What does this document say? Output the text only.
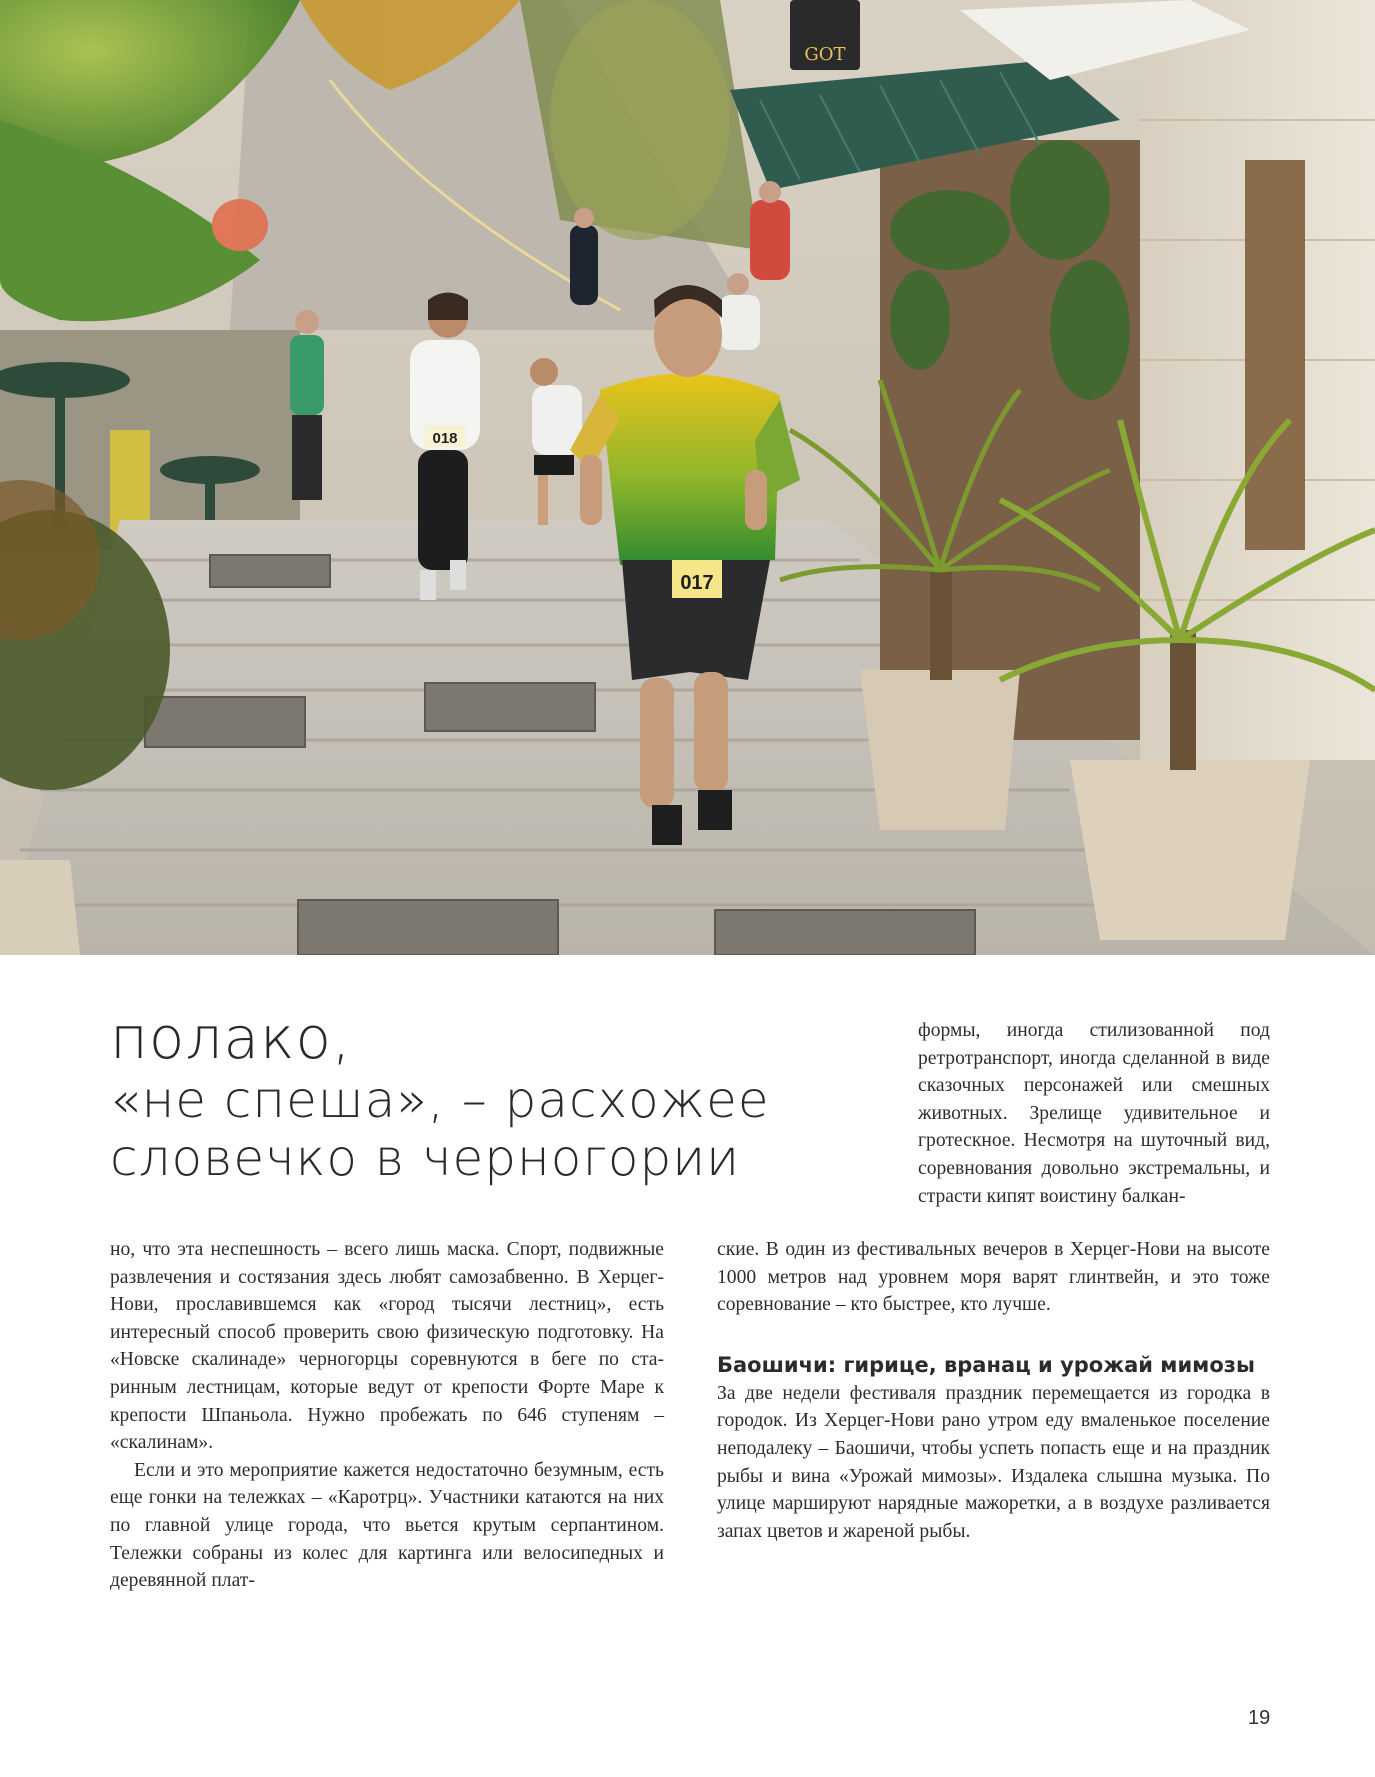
GOT
018
017
полако,
«не спеша», – расхожее
словечко в черногории

формы, иногда стилизованной под ретротранспорт, иногда сделанной в виде сказочных персонажей или смешных животных. Зрелище удивительное и гротескное. Несмотря на шуточный вид, соревнования довольно экстремальны, и страсти кипят воистину балкан-

но, что эта неспешность – всего лишь маска. Спорт, подвижные развлечения и состязания здесь любят самозабвенно. В Херцег-Нови, прославившемся как «город тысячи лестниц», есть интересный способ проверить свою физическую подготовку. На «Новске скалинаде» черногорцы соревнуются в беге по старинным лестницам, которые ведут от крепости Форте Маре к крепости Шпаньола. Нужно пробежать по 646 ступеням – «скалинам».

Если и это мероприятие кажется недостаточно безумным, есть еще гонки на тележках – «Каротрц». Участники катаются на них по главной улице города, что вьется крутым серпантином. Тележки собраны из колес для картинга или велосипедных и деревянной плат-

ские. В один из фестивальных вечеров в Херцег-Нови на высоте 1000 метров над уровнем моря варят глинтвейн, и это тоже соревнование – кто быстрее, кто лучше.

Баошичи: гирице, вранац и урожай мимозы

За две недели фестиваля праздник перемещается из городка в городок. Из Херцег-Нови рано утром еду вмаленькое поселение неподалеку – Баошичи, чтобы успеть попасть еще и на праздник рыбы и вина «Урожай мимозы». Издалека слышна музыка. По улице маршируют нарядные мажоретки, а в воздухе разливается запах цветов и жареной рыбы.

19
